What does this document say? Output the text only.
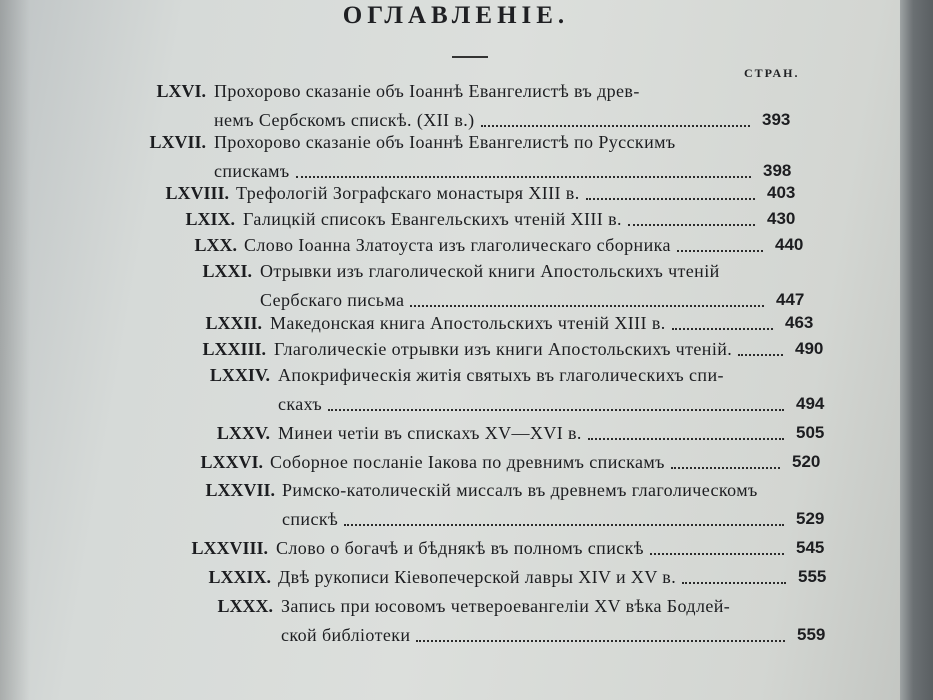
ОГЛАВЛЕНІЕ.
СТРАН.
LXVI. Прохорово сказаніе объ Іоаннѣ Евангелистѣ въ древ-
немъ Сербскомъ спискѣ. (XII в.)	393
LXVII. Прохорово сказаніе объ Іоаннѣ Евангелистѣ по Русскимъ
спискамъ	398
LXVIII. Трефологій Зографскаго монастыря XIII в.	403
LXIX. Галицкій списокъ Евангельскихъ чтеній XIII в.	430
LXX. Слово Іоанна Златоуста изъ глаголическаго сборника	440
LXXI. Отрывки изъ глаголической книги Апостольскихъ чтеній
Сербскаго письма	447
LXXII. Македонская книга Апостольскихъ чтеній XIII в.	463
LXXIII. Глаголическіе отрывки изъ книги Апостольскихъ чтеній.	490
LXXIV. Апокрифическія житія святыхъ въ глаголическихъ спи-
скахъ	494
LXXV. Минеи четіи въ спискахъ XV—XVI в.	505
LXXVI. Соборное посланіе Іакова по древнимъ спискамъ	520
LXXVII. Римско-католическій миссалъ въ древнемъ глаголическомъ
спискѣ	529
LXXVIII. Слово о богачѣ и бѣднякѣ въ полномъ спискѣ	545
LXXIX. Двѣ рукописи Кіевопечерской лавры XIV и XV в.	555
LXXX. Запись при юсовомъ четвероевангеліи XV вѣка Бодлей-
ской библіотеки	559
